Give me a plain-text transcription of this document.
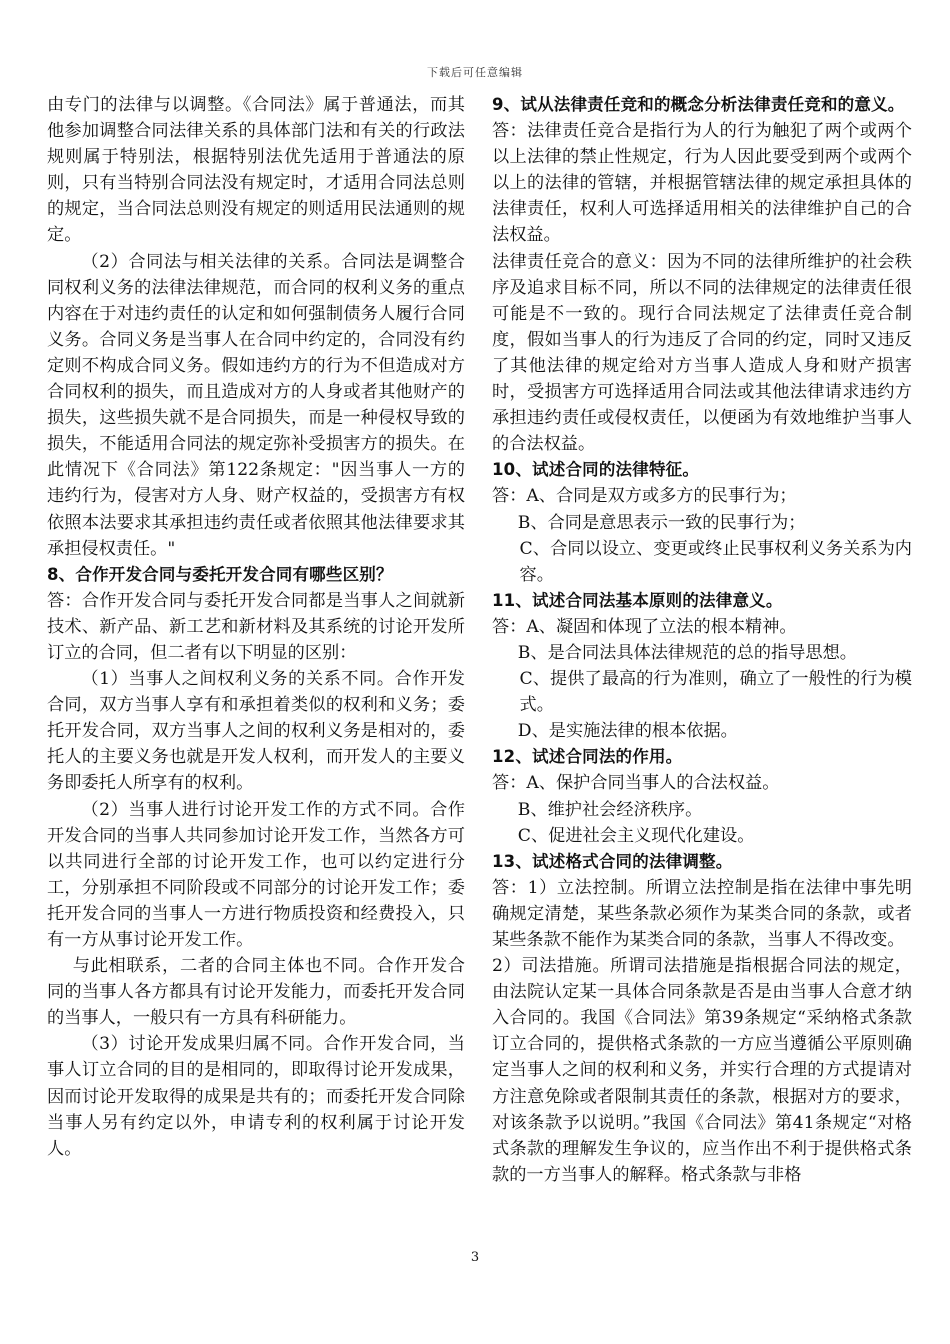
下载后可任意编辑

由专门的法律与以调整。《合同法》属于普通法，而其他参加调整合同法律关系的具体部门法和有关的行政法规则属于特别法，根据特别法优先适用于普通法的原则，只有当特别合同法没有规定时，才适用合同法总则的规定，当合同法总则没有规定的则适用民法通则的规定。

（2）合同法与相关法律的关系。合同法是调整合同权利义务的法律法律规范，而合同的权利义务的重点内容在于对违约责任的认定和如何强制债务人履行合同义务。合同义务是当事人在合同中约定的，合同没有约定则不构成合同义务。假如违约方的行为不但造成对方合同权利的损失，而且造成对方的人身或者其他财产的损失，这些损失就不是合同损失，而是一种侵权导致的损失，不能适用合同法的规定弥补受损害方的损失。在此情况下《合同法》第122条规定："因当事人一方的违约行为，侵害对方人身、财产权益的，受损害方有权依照本法要求其承担违约责任或者依照其他法律要求其承担侵权责任。"

8、合作开发合同与委托开发合同有哪些区别？

答：合作开发合同与委托开发合同都是当事人之间就新技术、新产品、新工艺和新材料及其系统的讨论开发所订立的合同，但二者有以下明显的区别：

（1）当事人之间权利义务的关系不同。合作开发合同，双方当事人享有和承担着类似的权利和义务；委托开发合同，双方当事人之间的权利义务是相对的，委托人的主要义务也就是开发人权利，而开发人的主要义务即委托人所享有的权利。

（2）当事人进行讨论开发工作的方式不同。合作开发合同的当事人共同参加讨论开发工作，当然各方可以共同进行全部的讨论开发工作，也可以约定进行分工，分别承担不同阶段或不同部分的讨论开发工作；委托开发合同的当事人一方进行物质投资和经费投入，只有一方从事讨论开发工作。

与此相联系，二者的合同主体也不同。合作开发合同的当事人各方都具有讨论开发能力，而委托开发合同的当事人，一般只有一方具有科研能力。

（3）讨论开发成果归属不同。合作开发合同，当事人订立合同的目的是相同的，即取得讨论开发成果，因而讨论开发取得的成果是共有的；而委托开发合同除当事人另有约定以外，申请专利的权利属于讨论开发人。

9、试从法律责任竞和的概念分析法律责任竞和的意义。

答：法律责任竞合是指行为人的行为触犯了两个或两个以上法律的禁止性规定，行为人因此要受到两个或两个以上的法律的管辖，并根据管辖法律的规定承担具体的法律责任，权利人可选择适用相关的法律维护自己的合法权益。

法律责任竞合的意义：因为不同的法律所维护的社会秩序及追求目标不同，所以不同的法律规定的法律责任很可能是不一致的。现行合同法规定了法律责任竞合制度，假如当事人的行为违反了合同的约定，同时又违反了其他法律的规定给对方当事人造成人身和财产损害时，受损害方可选择适用合同法或其他法律请求违约方承担违约责任或侵权责任，以便函为有效地维护当事人的合法权益。

10、试述合同的法律特征。

答：A、合同是双方或多方的民事行为；

B、合同是意思表示一致的民事行为；

C、合同以设立、变更或终止民事权利义务关系为内容。

11、试述合同法基本原则的法律意义。

答：A、凝固和体现了立法的根本精神。

B、是合同法具体法律规范的总的指导思想。

C、提供了最高的行为准则，确立了一般性的行为模式。

D、是实施法律的根本依据。

12、试述合同法的作用。

答：A、保护合同当事人的合法权益。

B、维护社会经济秩序。

C、促进社会主义现代化建设。

13、试述格式合同的法律调整。

答：1）立法控制。所谓立法控制是指在法律中事先明确规定清楚，某些条款必须作为某类合同的条款，或者某些条款不能作为某类合同的条款，当事人不得改变。

2）司法措施。所谓司法措施是指根据合同法的规定，由法院认定某一具体合同条款是否是由当事人合意才纳入合同的。我国《合同法》第39条规定“采纳格式条款订立合同的，提供格式条款的一方应当遵循公平原则确定当事人之间的权利和义务，并实行合理的方式提请对方注意免除或者限制其责任的条款，根据对方的要求，对该条款予以说明。”我国《合同法》第41条规定“对格式条款的理解发生争议的，应当作出不利于提供格式条款的一方当事人的解释。格式条款与非格

3
